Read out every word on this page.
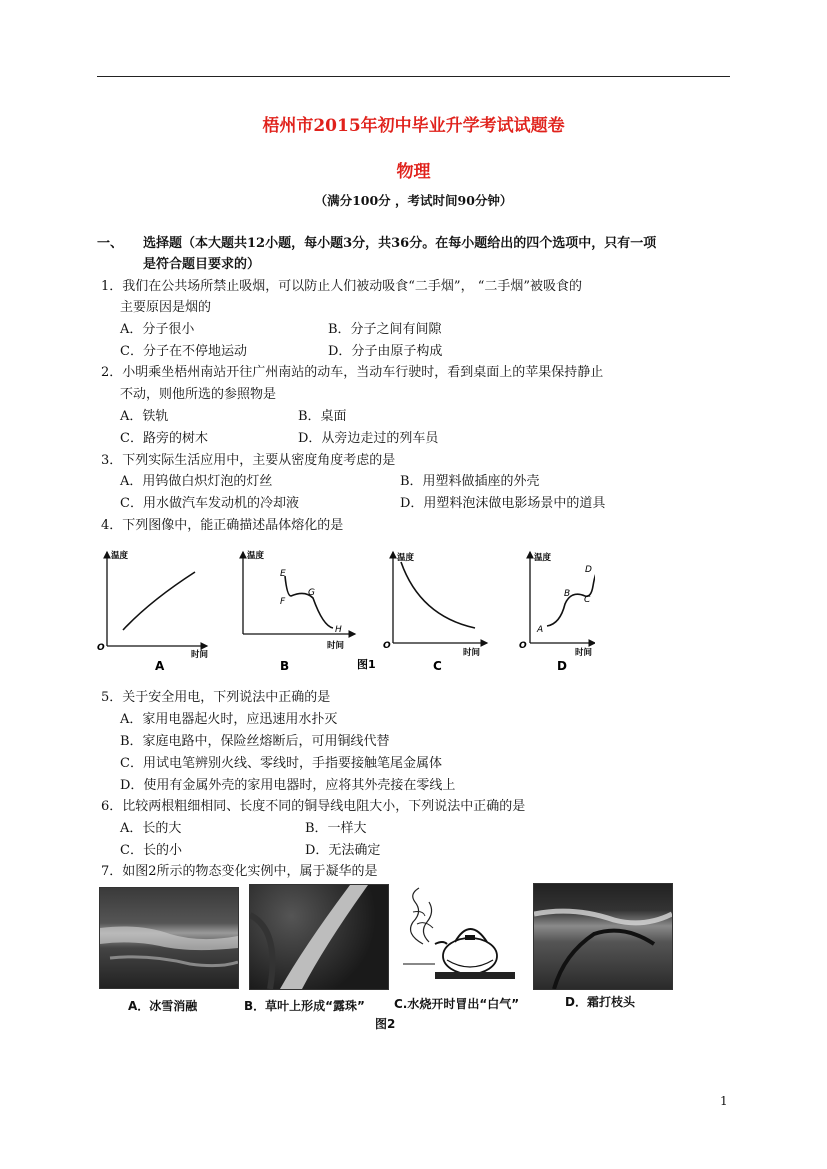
梧州市2015年初中毕业升学考试试题卷
物理
（满分100分 ，考试时间90分钟）
一、 选择题（本大题共12小题，每小题3分，共36分。在每小题给出的四个选项中，只有一项
是符合题目要求的）
1．我们在公共场所禁止吸烟，可以防止人们被动吸食“二手烟”， “二手烟”被吸食的
主要原因是烟的
A．分子很小	B．分子之间有间隙
C．分子在不停地运动	D．分子由原子构成
2．小明乘坐梧州南站开往广州南站的动车，当动车行驶时，看到桌面上的苹果保持静止
不动，则他所选的参照物是
A．铁轨	B．桌面
C．路旁的树木	D．从旁边走过的列车员
3．下列实际生活应用中，主要从密度角度考虑的是
A．用钨做白炽灯泡的灯丝	B．用塑料做插座的外壳
C．用水做汽车发动机的冷却液	D．用塑料泡沫做电影场景中的道具
4．下列图像中，能正确描述晶体熔化的是
温度
时间
O
A
温度
时间
E
F
G
H
B	图1
温度
时间
O
C
温度
时间
O
A
B
C
D
D
5．关于安全用电，下列说法中正确的是
A．家用电器起火时，应迅速用水扑灭
B．家庭电路中，保险丝熔断后，可用铜线代替
C．用试电笔辨别火线、零线时，手指要接触笔尾金属体
D．使用有金属外壳的家用电器时，应将其外壳接在零线上
6．比较两根粗细相同、长度不同的铜导线电阻大小，下列说法中正确的是
A．长的大	B．一样大
C．长的小	D．无法确定
7．如图2所示的物态变化实例中，属于凝华的是
A．冰雪消融	B．草叶上形成“露珠” C.水烧开时冒出“白气”	D．霜打枝头
图2
1
